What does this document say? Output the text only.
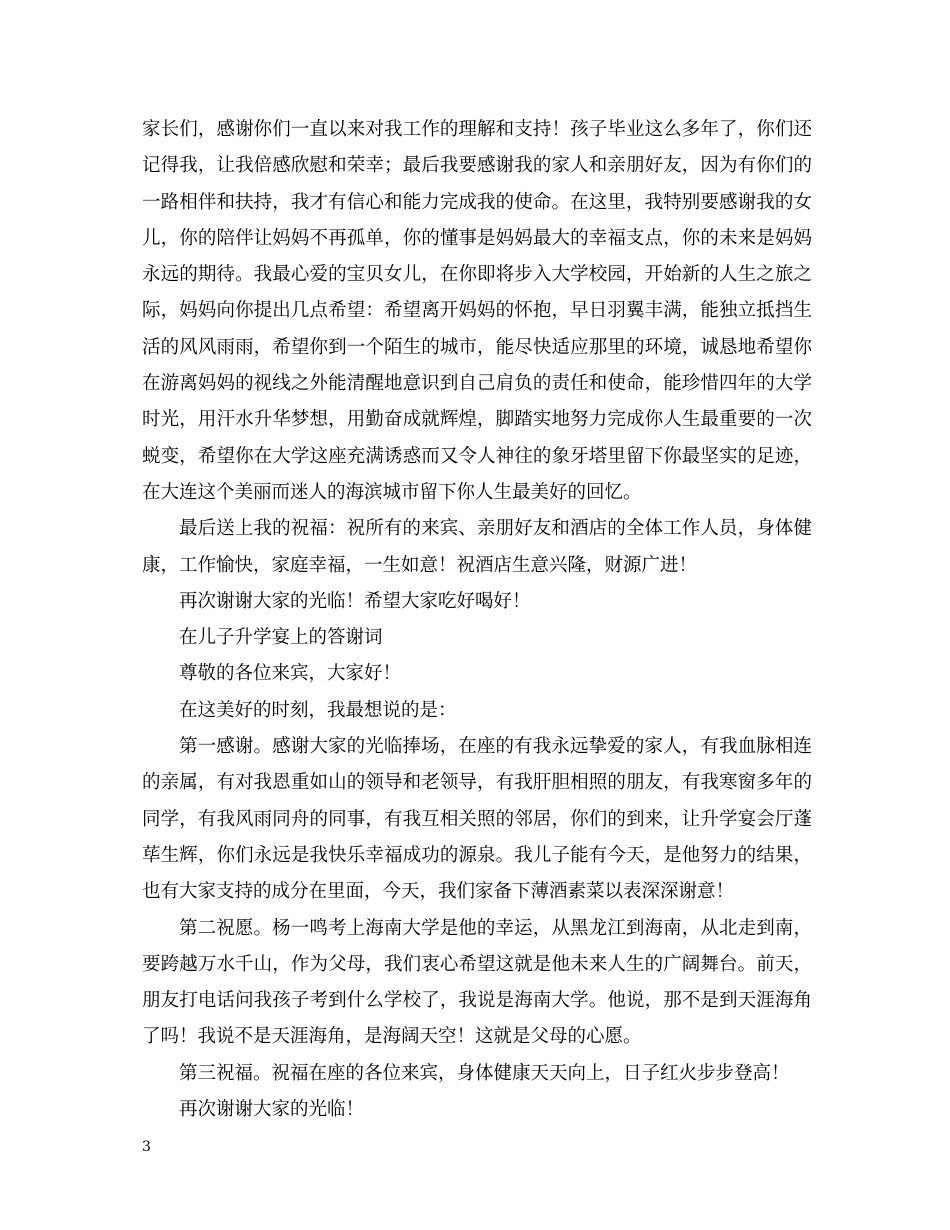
家长们，感谢你们一直以来对我工作的理解和支持！孩子毕业这么多年了，你们还记得我，让我倍感欣慰和荣幸；最后我要感谢我的家人和亲朋好友，因为有你们的一路相伴和扶持，我才有信心和能力完成我的使命。在这里，我特别要感谢我的女儿，你的陪伴让妈妈不再孤单，你的懂事是妈妈最大的幸福支点，你的未来是妈妈永远的期待。我最心爱的宝贝女儿，在你即将步入大学校园，开始新的人生之旅之际，妈妈向你提出几点希望：希望离开妈妈的怀抱，早日羽翼丰满，能独立抵挡生活的风风雨雨，希望你到一个陌生的城市，能尽快适应那里的环境，诚恳地希望你在游离妈妈的视线之外能清醒地意识到自己肩负的责任和使命，能珍惜四年的大学时光，用汗水升华梦想，用勤奋成就辉煌，脚踏实地努力完成你人生最重要的一次蜕变，希望你在大学这座充满诱惑而又令人神往的象牙塔里留下你最坚实的足迹，在大连这个美丽而迷人的海滨城市留下你人生最美好的回忆。

最后送上我的祝福：祝所有的来宾、亲朋好友和酒店的全体工作人员，身体健康，工作愉快，家庭幸福，一生如意！祝酒店生意兴隆，财源广进！

再次谢谢大家的光临！希望大家吃好喝好！

在儿子升学宴上的答谢词

尊敬的各位来宾，大家好！

在这美好的时刻，我最想说的是：

第一感谢。感谢大家的光临捧场，在座的有我永远挚爱的家人，有我血脉相连的亲属，有对我恩重如山的领导和老领导，有我肝胆相照的朋友，有我寒窗多年的同学，有我风雨同舟的同事，有我互相关照的邻居，你们的到来，让升学宴会厅蓬荜生辉，你们永远是我快乐幸福成功的源泉。我儿子能有今天，是他努力的结果，也有大家支持的成分在里面，今天，我们家备下薄酒素菜以表深深谢意！

第二祝愿。杨一鸣考上海南大学是他的幸运，从黑龙江到海南，从北走到南，要跨越万水千山，作为父母，我们衷心希望这就是他未来人生的广阔舞台。前天，朋友打电话问我孩子考到什么学校了，我说是海南大学。他说，那不是到天涯海角了吗！我说不是天涯海角，是海阔天空！这就是父母的心愿。

第三祝福。祝福在座的各位来宾，身体健康天天向上，日子红火步步登高！

再次谢谢大家的光临！

3
